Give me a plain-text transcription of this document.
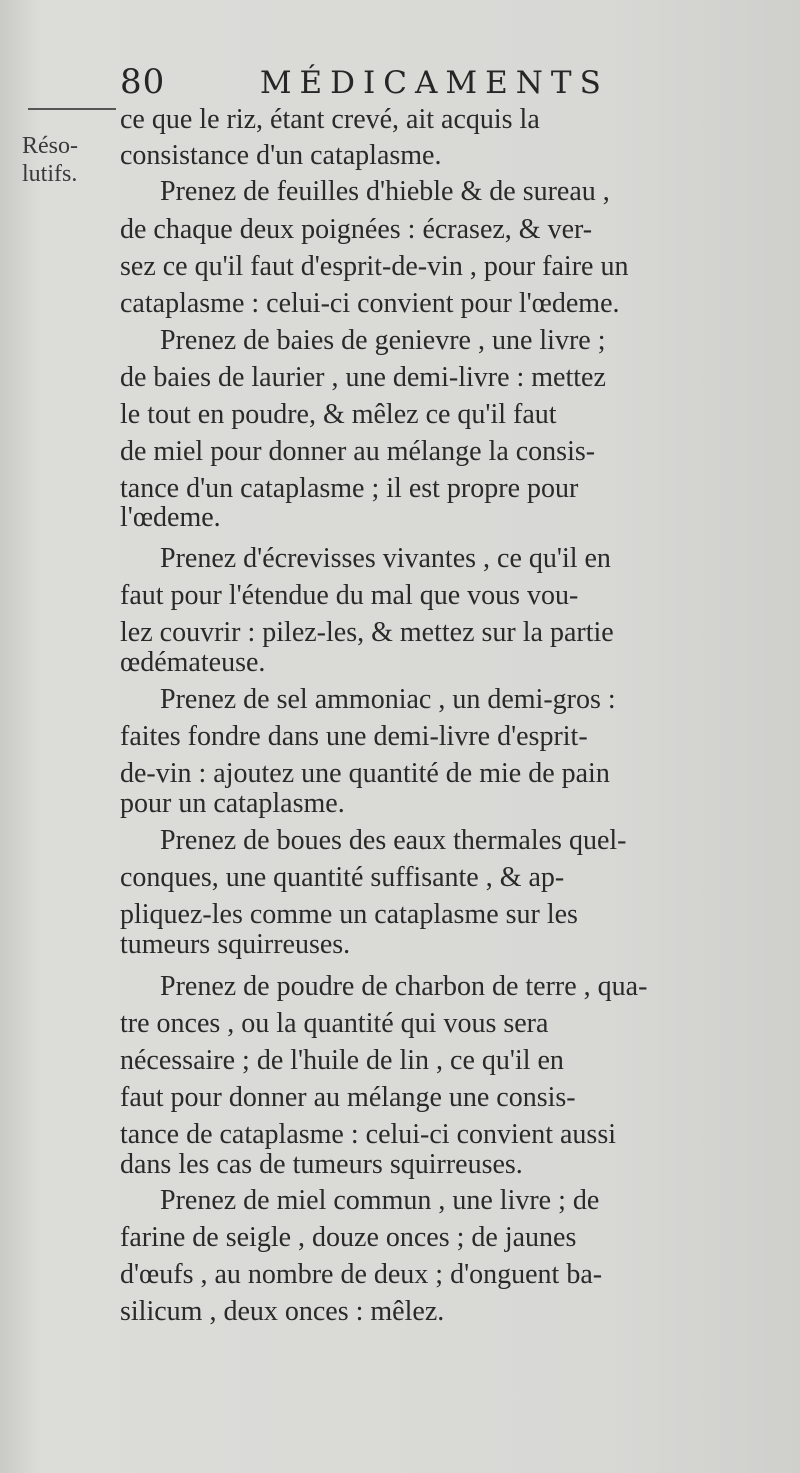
80	MÉDICAMENTS
Réso-
lutifs.
ce que le riz, étant crevé, ait acquis la
consistance d'un cataplasme.
Prenez de feuilles d'hieble & de sureau ,
de chaque deux poignées : écrasez, & ver-
sez ce qu'il faut d'esprit-de-vin , pour faire un
cataplasme : celui-ci convient pour l'œdeme.
Prenez de baies de genievre , une livre ;
de baies de laurier , une demi-livre : mettez
le tout en poudre, & mêlez ce qu'il faut
de miel pour donner au mélange la consis-
tance d'un cataplasme ; il est propre pour
l'œdeme.
Prenez d'écrevisses vivantes , ce qu'il en
faut pour l'étendue du mal que vous vou-
lez couvrir : pilez-les, & mettez sur la partie
œdémateuse.
Prenez de sel ammoniac , un demi-gros :
faites fondre dans une demi-livre d'esprit-
de-vin : ajoutez une quantité de mie de pain
pour un cataplasme.
Prenez de boues des eaux thermales quel-
conques, une quantité suffisante , & ap-
pliquez-les comme un cataplasme sur les
tumeurs squirreuses.
Prenez de poudre de charbon de terre , qua-
tre onces , ou la quantité qui vous sera
nécessaire ; de l'huile de lin , ce qu'il en
faut pour donner au mélange une consis-
tance de cataplasme : celui-ci convient aussi
dans les cas de tumeurs squirreuses.
Prenez de miel commun , une livre ; de
farine de seigle , douze onces ; de jaunes
d'œufs , au nombre de deux ; d'onguent ba-
silicum , deux onces : mêlez.
